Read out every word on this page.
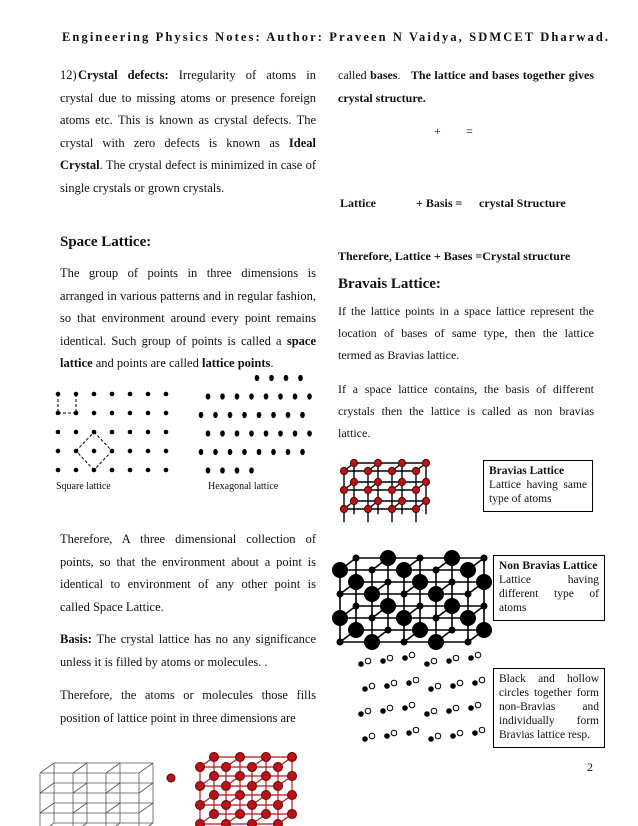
Engineering Physics Notes: Author: Praveen N Vaidya, SDMCET Dharwad.
12)Crystal defects: Irregularity of atoms in crystal due to missing atoms or presence foreign atoms etc. This is known as crystal defects. The crystal with zero defects is known as Ideal Crystal. The crystal defect is minimized in case of single crystals or grown crystals.
Space Lattice:
The group of points in three dimensions is arranged in various patterns and in regular fashion, so that environment around every point remains identical. Such group of points is called a space lattice and points are called lattice points.
Square lattice	Hexagonal lattice
Therefore, A three dimensional collection of points, so that the environment about a point is identical to environment of any other point is called Space Lattice.
Basis: The crystal lattice has no any significance unless it is filled by atoms or molecules. .
Therefore, the atoms or molecules those fills position of lattice point in three dimensions are
called bases.   The lattice and bases together gives crystal structure.
+ =
Lattice	+ Basis = crystal Structure
Therefore, Lattice + Bases =Crystal structure
Bravais Lattice:
If the lattice points in a space lattice represent the location of bases of same type, then the lattice termed as Bravias lattice.
If a space lattice contains, the basis of different crystals then the lattice is called as non bravias lattice.
Bravias Lattice
Lattice having same type of atoms
Non Bravias Lattice
Lattice having different type of atoms
Black and hollow circles together form non-Bravias and individually form Bravias lattice resp.
2
